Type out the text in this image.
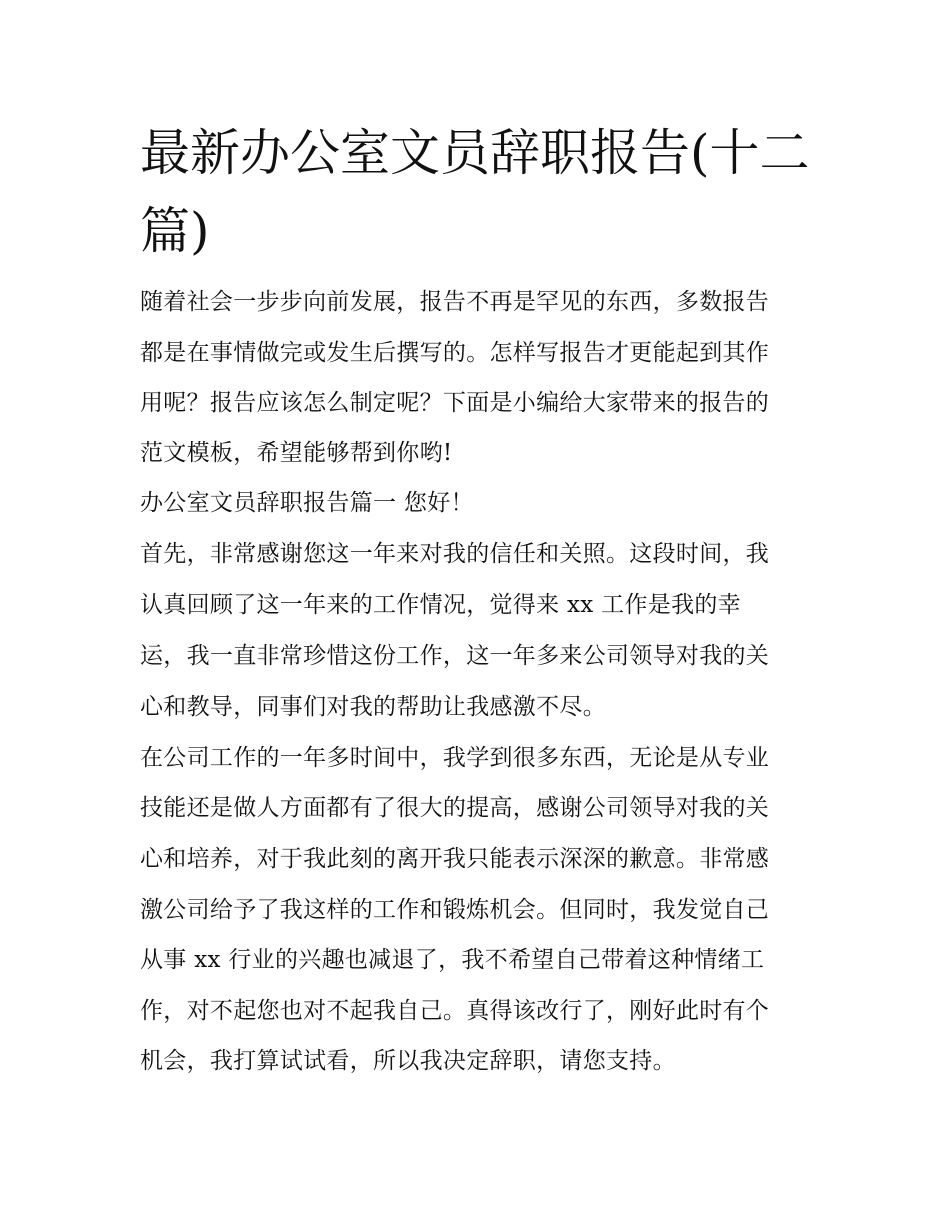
最新办公室文员辞职报告(十二篇)

随着社会一步步向前发展，报告不再是罕见的东西，多数报告

都是在事情做完或发生后撰写的。怎样写报告才更能起到其作

用呢？报告应该怎么制定呢？下面是小编给大家带来的报告的

范文模板，希望能够帮到你哟!

办公室文员辞职报告篇一 您好！

首先，非常感谢您这一年来对我的信任和关照。这段时间，我

认真回顾了这一年来的工作情况，觉得来 xx 工作是我的幸

运，我一直非常珍惜这份工作，这一年多来公司领导对我的关

心和教导，同事们对我的帮助让我感激不尽。

在公司工作的一年多时间中，我学到很多东西，无论是从专业

技能还是做人方面都有了很大的提高，感谢公司领导对我的关

心和培养，对于我此刻的离开我只能表示深深的歉意。非常感

激公司给予了我这样的工作和锻炼机会。但同时，我发觉自己

从事 xx 行业的兴趣也减退了，我不希望自己带着这种情绪工

作，对不起您也对不起我自己。真得该改行了，刚好此时有个

机会，我打算试试看，所以我决定辞职，请您支持。
